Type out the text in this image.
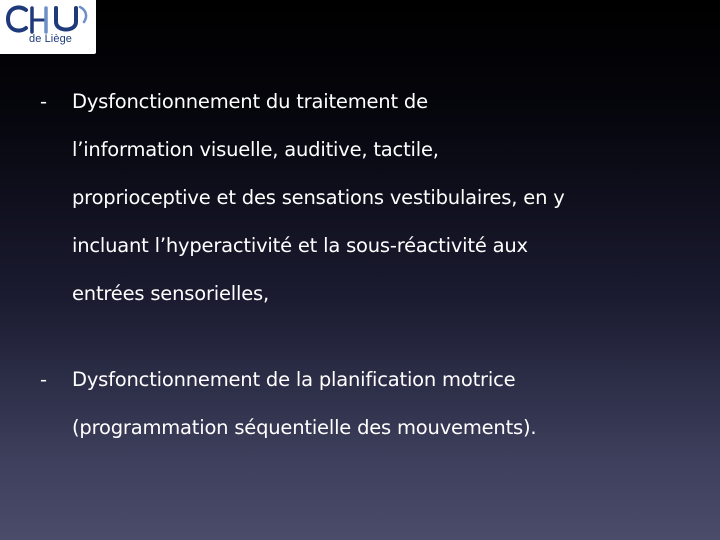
de Liège
- Dysfonctionnement du traitement de
l’information visuelle, auditive, tactile,
proprioceptive et des sensations vestibulaires, en y
incluant l’hyperactivité et la sous-réactivité aux
entrées sensorielles,
- Dysfonctionnement de la planification motrice
(programmation séquentielle des mouvements).
